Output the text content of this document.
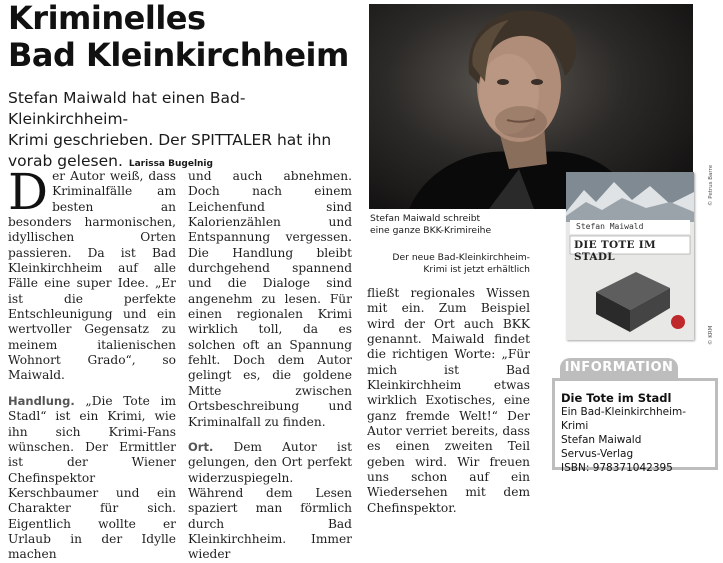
Kriminelles
Bad Kleinkirchheim
Stefan Maiwald hat einen Bad-Kleinkirchheim-
Krimi geschrieben. Der SPITTALER hat ihn
vorab gelesen. Larissa Bugelnig

D er Autor weiß, dass Kriminalfälle am besten an besonders harmonischen, idyllischen Orten passieren. Da ist Bad Kleinkirchheim auf alle Fälle eine super Idee. „Er ist die perfekte Entschleunigung und ein wertvoller Gegensatz zu meinem italienischen Wohnort Grado“, so Maiwald.

Handlung. „Die Tote im Stadl“ ist ein Krimi, wie ihn sich Krimi-Fans wünschen. Der Ermittler ist der Wiener Chefinspektor Kerschbaumer und ein Charakter für sich. Eigentlich wollte er Urlaub in der Idylle machen

und auch abnehmen. Doch nach einem Leichenfund sind Kalorienzählen und Entspannung vergessen. Die Handlung bleibt durchgehend spannend und die Dialoge sind angenehm zu lesen. Für einen regionalen Krimi wirklich toll, da es solchen oft an Spannung fehlt. Doch dem Autor gelingt es, die goldene Mitte zwischen Ortsbeschreibung und Kriminalfall zu finden.

Ort. Dem Autor ist gelungen, den Ort perfekt widerzuspiegeln. Während dem Lesen spaziert man förmlich durch Bad Kleinkirchheim. Immer wieder

© Petrus Barre
Stefan Maiwald schreibt
eine ganze BKK-Krimireihe
Der neue Bad-Kleinkirchheim-
Krimi ist jetzt erhältlich
Stefan Maiwald
DIE TOTE IM STADL
© KRM

fließt regionales Wissen mit ein. Zum Beispiel wird der Ort auch BKK genannt. Maiwald findet die richtigen Worte: „Für mich ist Bad Kleinkirchheim etwas wirklich Exotisches, eine ganz fremde Welt!“ Der Autor verriet bereits, dass es einen zweiten Teil geben wird. Wir freuen uns schon auf ein Wiedersehen mit dem Chefinspektor.

INFORMATION
Die Tote im Stadl
Ein Bad-Kleinkirchheim-Krimi
Stefan Maiwald
Servus-Verlag
ISBN: 978371042395
